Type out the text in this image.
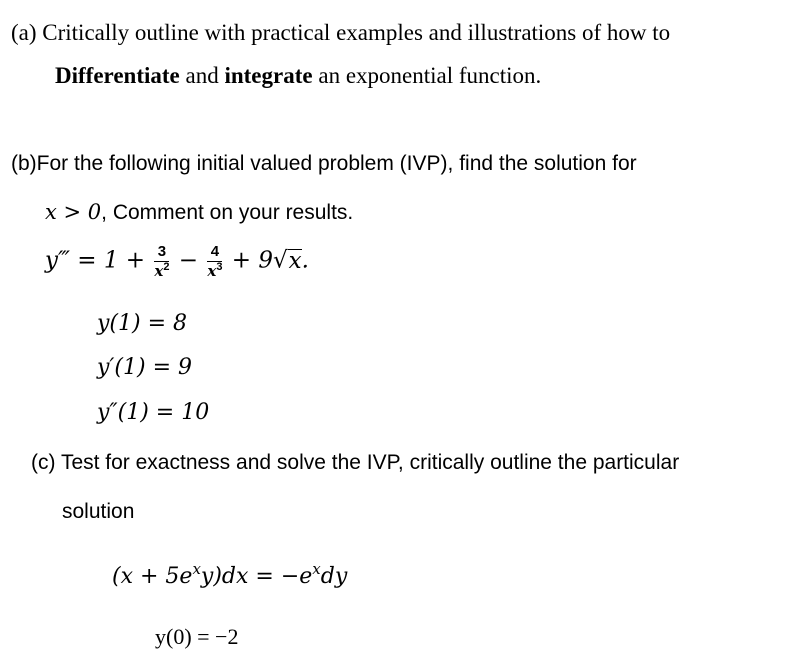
(a) Critically outline with practical examples and illustrations of how to
Differentiate and integrate an exponential function.
(b)For the following initial valued problem (IVP), find the solution for
x > 0, Comment on your results.
y‴ = $1 + \frac{3}{x^2} - \frac{4}{x^3} + 9√x$.
y(1) = 8
y′(1) = 9
y″(1) = 10
(c) Test for exactness and solve the IVP, critically outline the particular
solution
$(x + 5e^xy)dx = -e^xdy$
y(0) = −2
